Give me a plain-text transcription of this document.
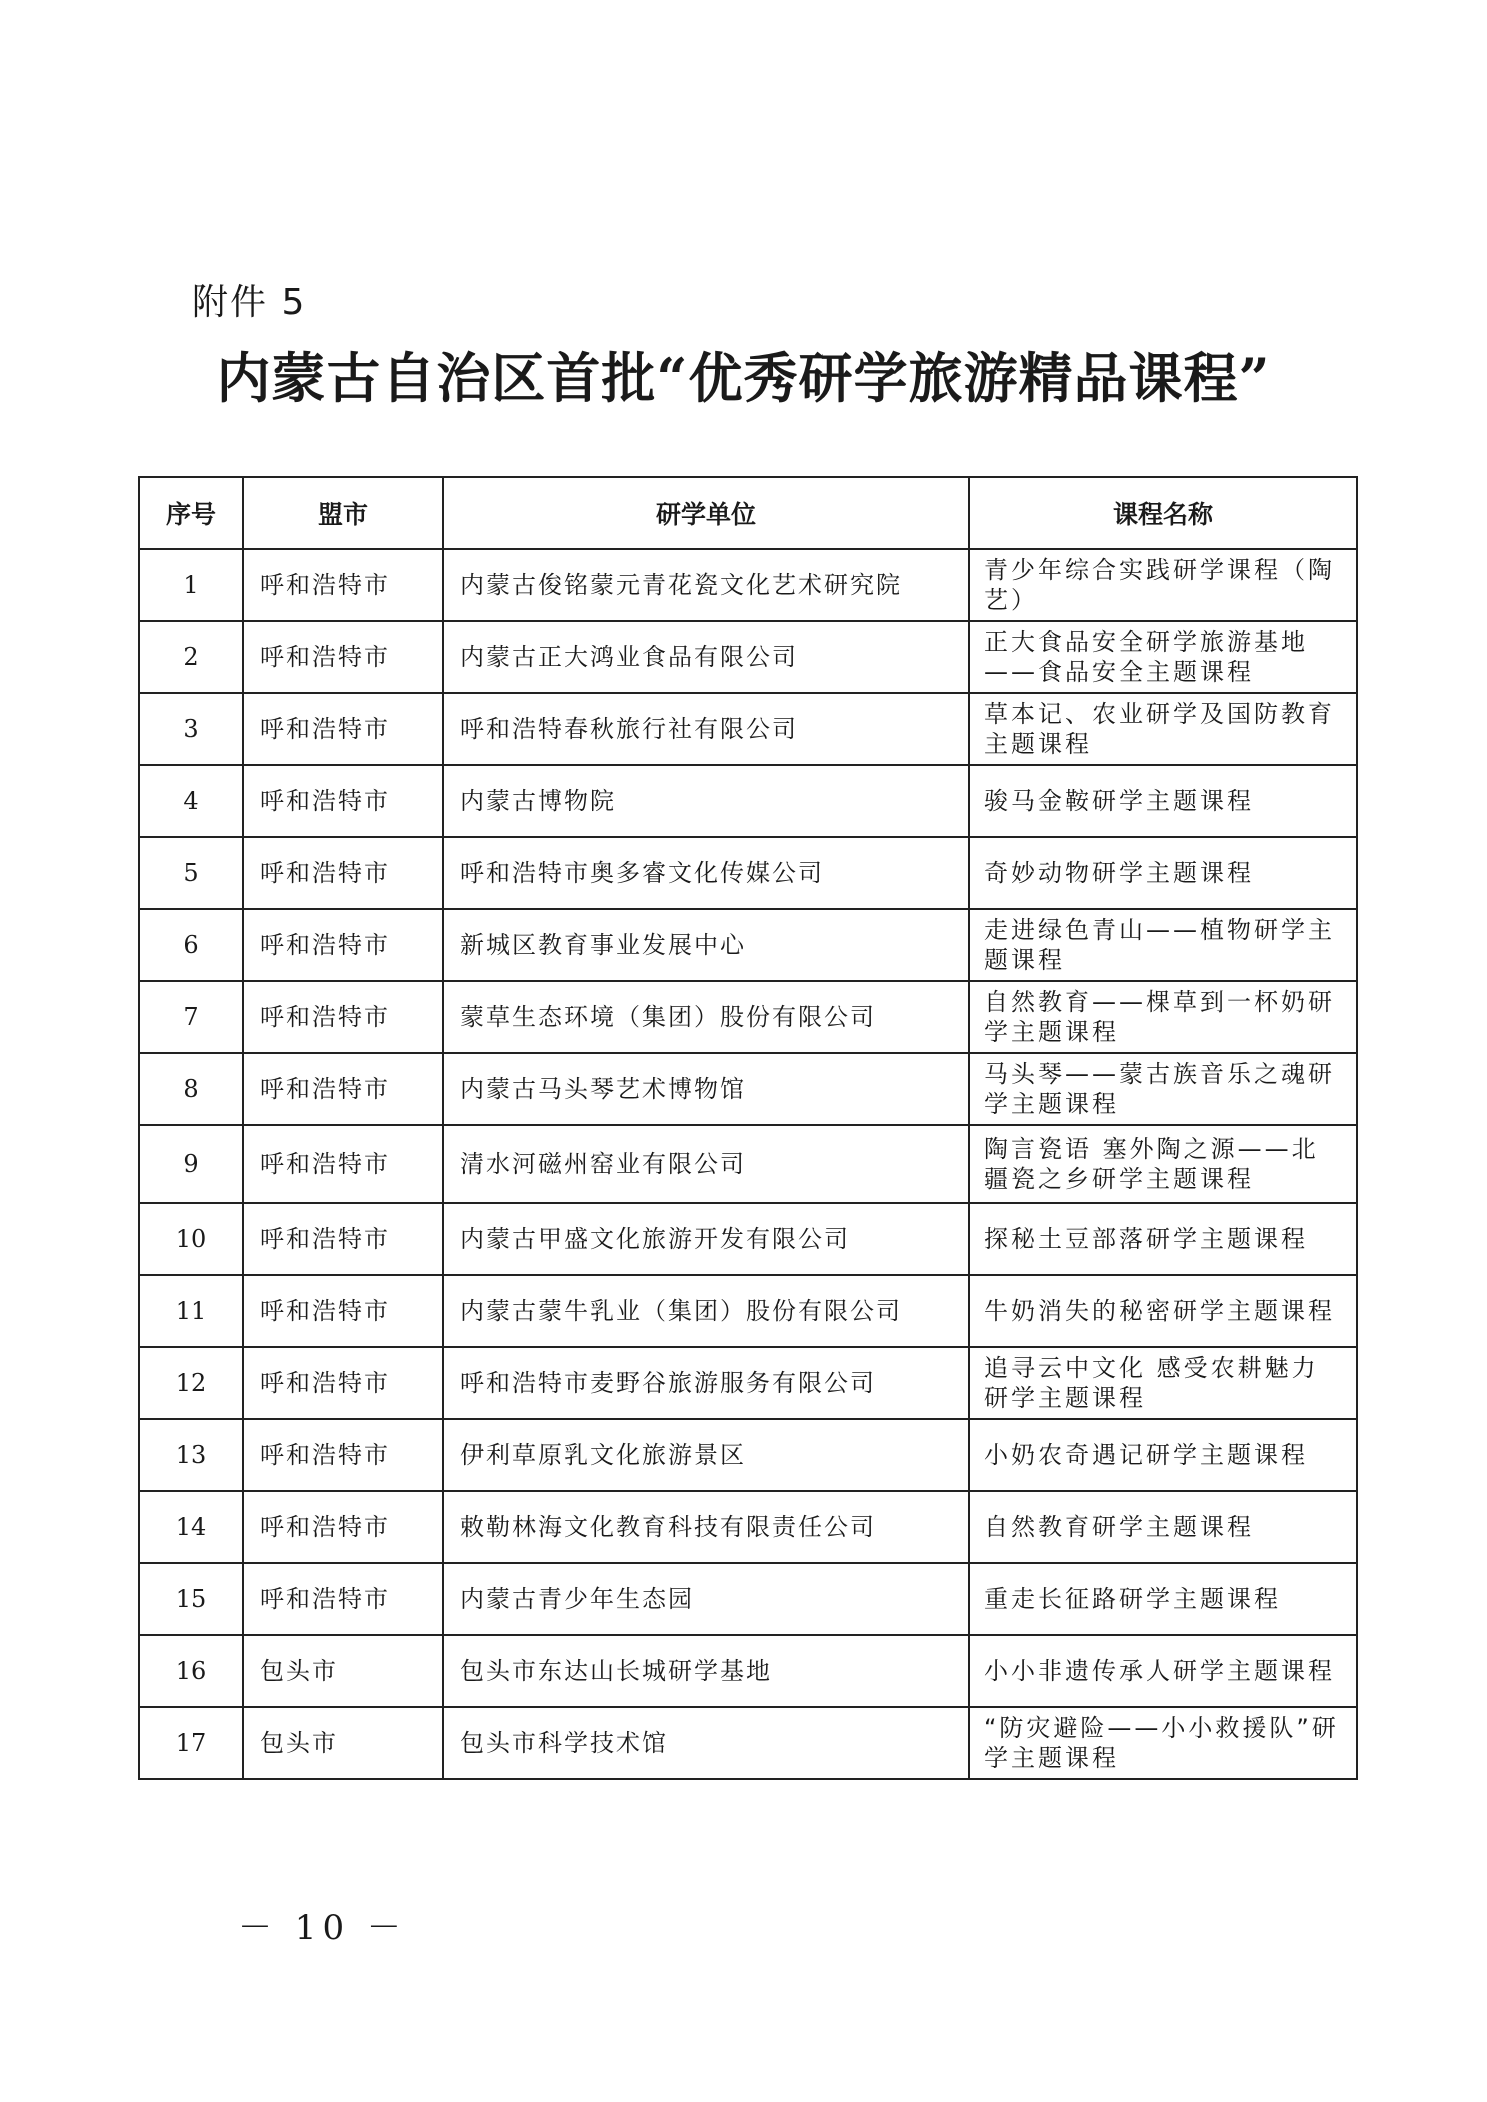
附件 5
内蒙古自治区首批“优秀研学旅游精品课程”
序号	盟市	研学单位	课程名称
1	呼和浩特市	内蒙古俊铭蒙元青花瓷文化艺术研究院	青少年综合实践研学课程（陶艺）
2	呼和浩特市	内蒙古正大鸿业食品有限公司	正大食品安全研学旅游基地——食品安全主题课程
3	呼和浩特市	呼和浩特春秋旅行社有限公司	草本记、农业研学及国防教育主题课程
4	呼和浩特市	内蒙古博物院	骏马金鞍研学主题课程
5	呼和浩特市	呼和浩特市奥多睿文化传媒公司	奇妙动物研学主题课程
6	呼和浩特市	新城区教育事业发展中心	走进绿色青山——植物研学主题课程
7	呼和浩特市	蒙草生态环境（集团）股份有限公司	自然教育——棵草到一杯奶研学主题课程
8	呼和浩特市	内蒙古马头琴艺术博物馆	马头琴——蒙古族音乐之魂研学主题课程
9	呼和浩特市	清水河磁州窑业有限公司	陶言瓷语 塞外陶之源——北疆瓷之乡研学主题课程
10	呼和浩特市	内蒙古甲盛文化旅游开发有限公司	探秘土豆部落研学主题课程
11	呼和浩特市	内蒙古蒙牛乳业（集团）股份有限公司	牛奶消失的秘密研学主题课程
12	呼和浩特市	呼和浩特市麦野谷旅游服务有限公司	追寻云中文化 感受农耕魅力研学主题课程
13	呼和浩特市	伊利草原乳文化旅游景区	小奶农奇遇记研学主题课程
14	呼和浩特市	敕勒林海文化教育科技有限责任公司	自然教育研学主题课程
15	呼和浩特市	内蒙古青少年生态园	重走长征路研学主题课程
16	包头市	包头市东达山长城研学基地	小小非遗传承人研学主题课程
17	包头市	包头市科学技术馆	“防灾避险——小小救援队”研学主题课程
－ 10 －
